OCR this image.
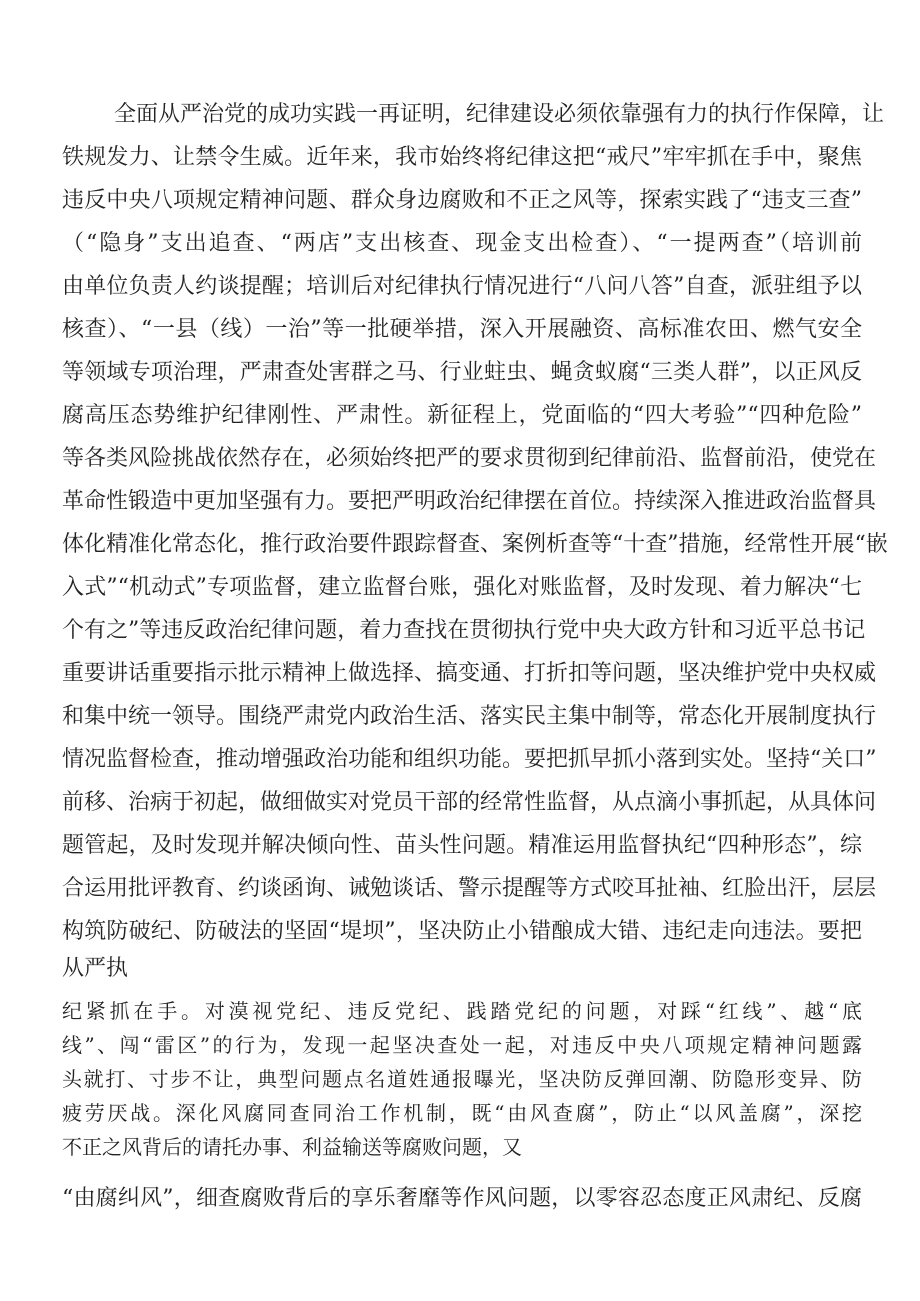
全面从严治党的成功实践一再证明，纪律建设必须依靠强有力的执行作保障，让
铁规发力、让禁令生威。近年来，我市始终将纪律这把“戒尺”牢牢抓在手中，聚焦
违反中央八项规定精神问题、群众身边腐败和不正之风等，探索实践了“违支三查”
（“隐身”支出追查、“两店”支出核查、现金支出检查）、“一提两查”（培训前
由单位负责人约谈提醒；培训后对纪律执行情况进行“八问八答”自查，派驻组予以
核查）、“一县（线）一治”等一批硬举措，深入开展融资、高标准农田、燃气安全
等领域专项治理，严肃查处害群之马、行业蛀虫、蝇贪蚁腐“三类人群”，以正风反
腐高压态势维护纪律刚性、严肃性。新征程上，党面临的“四大考验”“四种危险”
等各类风险挑战依然存在，必须始终把严的要求贯彻到纪律前沿、监督前沿，使党在
革命性锻造中更加坚强有力。要把严明政治纪律摆在首位。持续深入推进政治监督具
体化精准化常态化，推行政治要件跟踪督查、案例析查等“十查”措施，经常性开展“嵌
入式”“机动式”专项监督，建立监督台账，强化对账监督，及时发现、着力解决“七
个有之”等违反政治纪律问题，着力查找在贯彻执行党中央大政方针和习近平总书记
重要讲话重要指示批示精神上做选择、搞变通、打折扣等问题，坚决维护党中央权威
和集中统一领导。围绕严肃党内政治生活、落实民主集中制等，常态化开展制度执行
情况监督检查，推动增强政治功能和组织功能。要把抓早抓小落到实处。坚持“关口”
前移、治病于初起，做细做实对党员干部的经常性监督，从点滴小事抓起，从具体问
题管起，及时发现并解决倾向性、苗头性问题。精准运用监督执纪“四种形态”，综
合运用批评教育、约谈函询、诫勉谈话、警示提醒等方式咬耳扯袖、红脸出汗，层层
构筑防破纪、防破法的坚固“堤坝”，坚决防止小错酿成大错、违纪走向违法。要把
从严执
纪紧抓在手。对漠视党纪、违反党纪、践踏党纪的问题，对踩“红线”、越“底
线”、闯“雷区”的行为，发现一起坚决查处一起，对违反中央八项规定精神问题露
头就打、寸步不让，典型问题点名道姓通报曝光，坚决防反弹回潮、防隐形变异、防
疲劳厌战。深化风腐同查同治工作机制，既“由风查腐”，防止“以风盖腐”，深挖
不正之风背后的请托办事、利益输送等腐败问题，又
“由腐纠风”，细查腐败背后的享乐奢靡等作风问题，以零容忍态度正风肃纪、反腐
